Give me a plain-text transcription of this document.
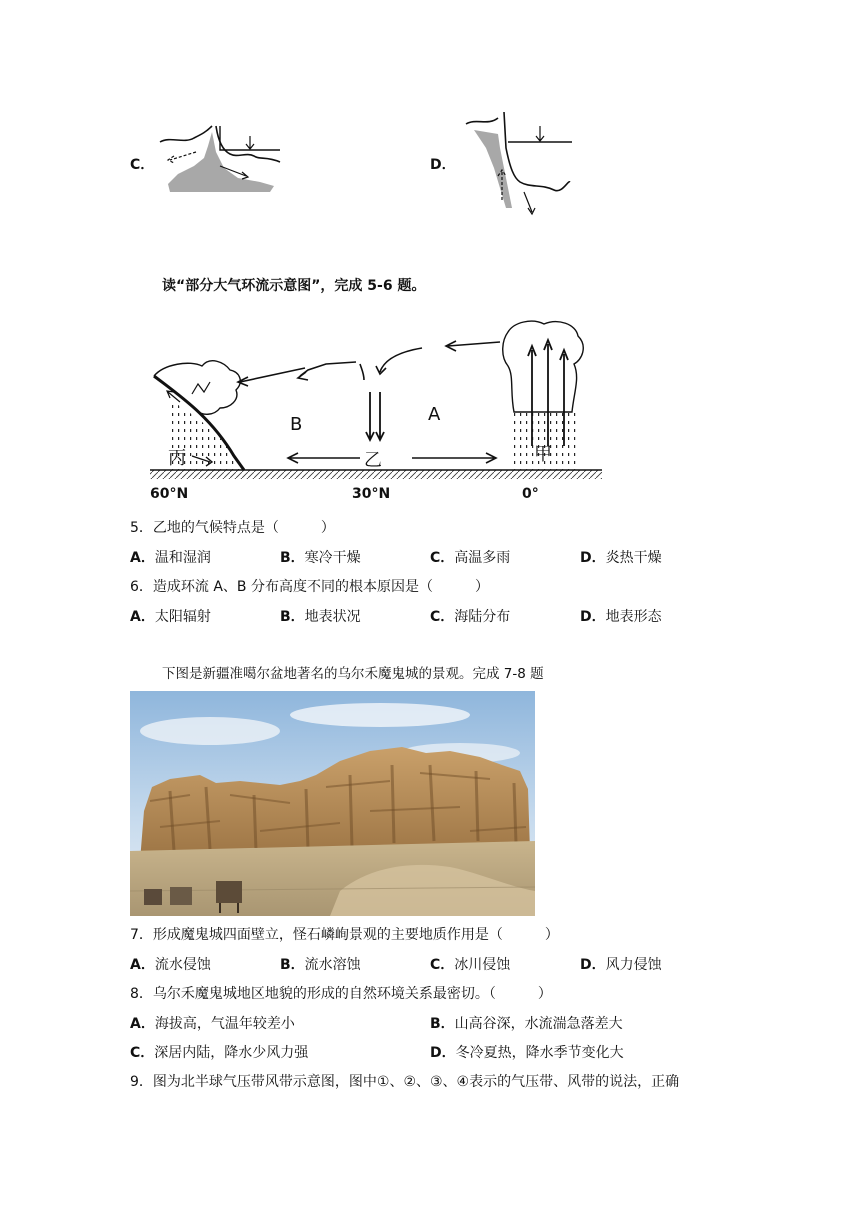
C．	D．
读“部分大气环流示意图”，完成 5-6 题。
B	A
乙	甲
丙
60°N	30°N	0°
5．乙地的气候特点是（　　　）
A．温和湿润	B．寒冷干燥	C．高温多雨	D．炎热干燥
6．造成环流 A、B 分布高度不同的根本原因是（　　　）
A．太阳辐射	B．地表状况	C．海陆分布	D．地表形态
下图是新疆准噶尔盆地著名的乌尔禾魔鬼城的景观。完成 7-8 题
7．形成魔鬼城四面壁立，怪石嶙峋景观的主要地质作用是（　　　）
A．流水侵蚀	B．流水溶蚀	C．冰川侵蚀	D．风力侵蚀
8．乌尔禾魔鬼城地区地貌的形成的自然环境关系最密切。（　　　）
A．海拔高，气温年较差小	B．山高谷深，水流湍急落差大
C．深居内陆，降水少风力强	D．冬冷夏热，降水季节变化大
9．图为北半球气压带风带示意图，图中①、②、③、④表示的气压带、风带的说法，正确
